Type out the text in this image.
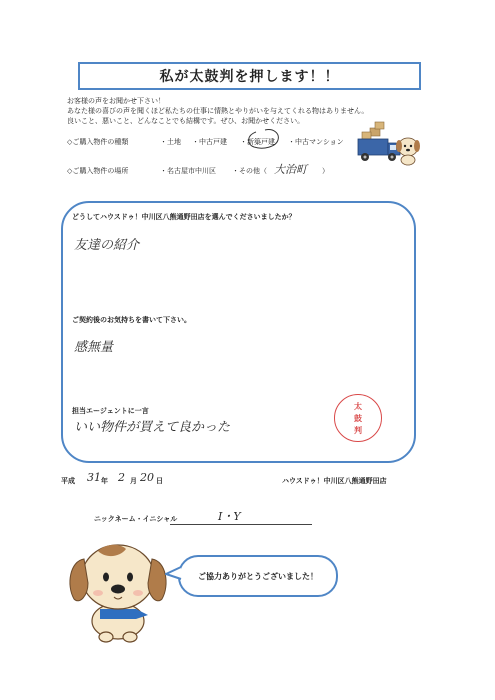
私が太鼓判を押します！！
お客様の声をお聞かせ下さい！
あなた様の喜びの声を聞くほど私たちの仕事に情熱とやりがいを与えてくれる物はありません。
良いこと、悪いこと、どんなことでも結構です。ぜひ、お聞かせください。
◇ご購入物件の種類	・土地 ・中古戸建 ・新築戸建 ・中古マンション
◇ご購入物件の場所	・名古屋市中川区 ・その他（ 大治町 ）
どうしてハウスドゥ！中川区八熊通野田店を選んでくださいましたか？
友達の紹介
ご契約後のお気持ちを書いて下さい。
感無量
担当エージェントに一言
いい物件が買えて良かった
太
鼓
判
平成 31 年 2 月 20 日	ハウスドゥ！中川区八熊通野田店
ニックネーム・イニシャル	I・Y
ご協力ありがとうございました！
